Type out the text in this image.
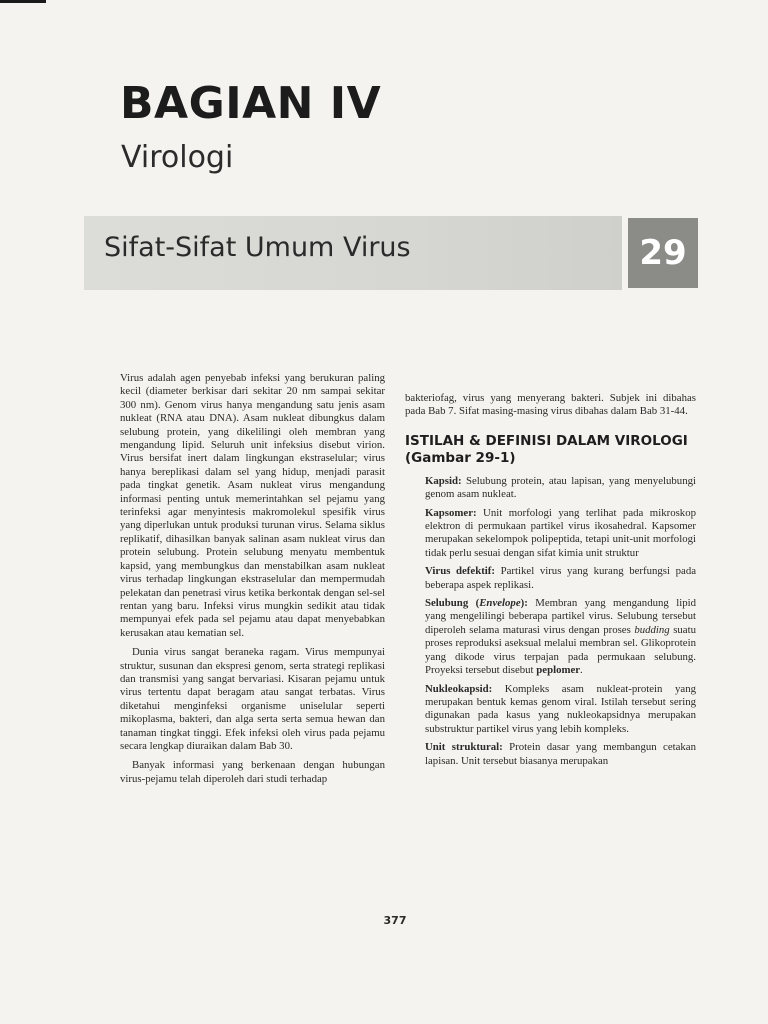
BAGIAN IV
Virologi
Sifat-Sifat Umum Virus	29

Virus adalah agen penyebab infeksi yang berukuran paling kecil (diameter berkisar dari sekitar 20 nm sampai sekitar 300 nm). Genom virus hanya mengandung satu jenis asam nukleat (RNA atau DNA). Asam nukleat dibungkus dalam selubung protein, yang dikelilingi oleh membran yang mengandung lipid. Seluruh unit infeksius disebut virion. Virus bersifat inert dalam lingkungan ekstraselular; virus hanya bereplikasi dalam sel yang hidup, menjadi parasit pada tingkat genetik. Asam nukleat virus mengandung informasi penting untuk memerintahkan sel pejamu yang terinfeksi agar menyintesis makromolekul spesifik virus yang diperlukan untuk produksi turunan virus. Selama siklus replikatif, dihasilkan banyak salinan asam nukleat virus dan protein selubung. Protein selubung menyatu membentuk kapsid, yang membungkus dan menstabilkan asam nukleat virus terhadap lingkungan ekstraselular dan mempermudah pelekatan dan penetrasi virus ketika berkontak dengan sel-sel rentan yang baru. Infeksi virus mungkin sedikit atau tidak mempunyai efek pada sel pejamu atau dapat menyebabkan kerusakan atau kematian sel.

Dunia virus sangat beraneka ragam. Virus mempunyai struktur, susunan dan ekspresi genom, serta strategi replikasi dan transmisi yang sangat bervariasi. Kisaran pejamu untuk virus tertentu dapat beragam atau sangat terbatas. Virus diketahui menginfeksi organisme uniselular seperti mikoplasma, bakteri, dan alga serta serta semua hewan dan tanaman tingkat tinggi. Efek infeksi oleh virus pada pejamu secara lengkap diuraikan dalam Bab 30.

Banyak informasi yang berkenaan dengan hubungan virus-pejamu telah diperoleh dari studi terhadap

bakteriofag, virus yang menyerang bakteri. Subjek ini dibahas pada Bab 7. Sifat masing-masing virus dibahas dalam Bab 31-44.

ISTILAH & DEFINISI DALAM VIROLOGI
(Gambar 29-1)

Kapsid: Selubung protein, atau lapisan, yang menyelubungi genom asam nukleat.

Kapsomer: Unit morfologi yang terlihat pada mikroskop elektron di permukaan partikel virus ikosahedral. Kapsomer merupakan sekelompok polipeptida, tetapi unit-unit morfologi tidak perlu sesuai dengan sifat kimia unit struktur

Virus defektif: Partikel virus yang kurang berfungsi pada beberapa aspek replikasi.

Selubung (Envelope): Membran yang mengandung lipid yang mengelilingi beberapa partikel virus. Selubung tersebut diperoleh selama maturasi virus dengan proses budding suatu proses reproduksi aseksual melalui membran sel. Glikoprotein yang dikode virus terpajan pada permukaan selubung. Proyeksi tersebut disebut peplomer.

Nukleokapsid: Kompleks asam nukleat-protein yang merupakan bentuk kemas genom viral. Istilah tersebut sering digunakan pada kasus yang nukleokapsidnya merupakan substruktur partikel virus yang lebih kompleks.

Unit struktural: Protein dasar yang membangun cetakan lapisan. Unit tersebut biasanya merupakan

377
